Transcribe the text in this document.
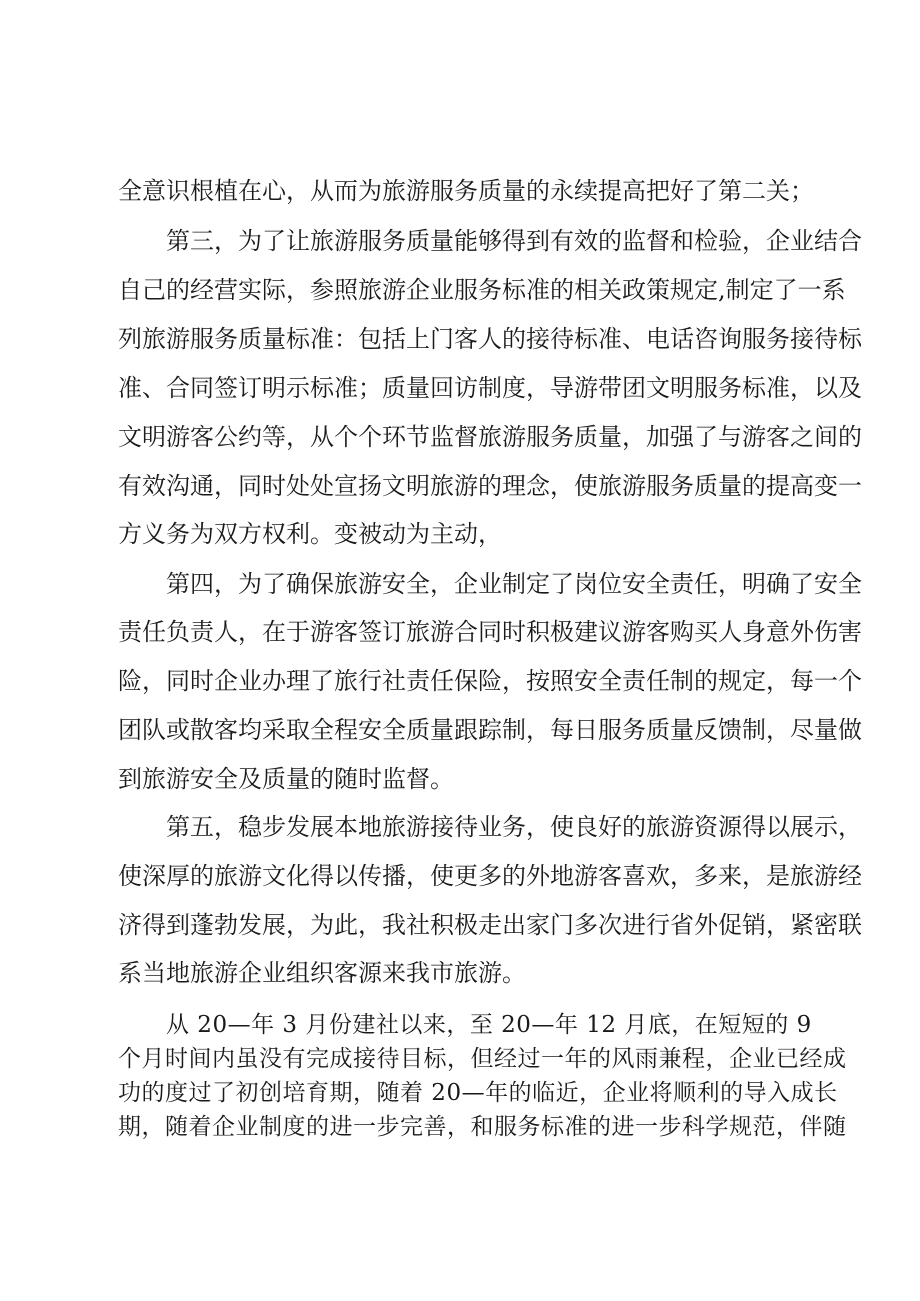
全意识根植在心，从而为旅游服务质量的永续提高把好了第二关；

第三，为了让旅游服务质量能够得到有效的监督和检验，企业结合

自己的经营实际，参照旅游企业服务标准的相关政策规定,制定了一系

列旅游服务质量标准：包括上门客人的接待标准、电话咨询服务接待标

准、合同签订明示标准；质量回访制度，导游带团文明服务标准，以及

文明游客公约等，从个个环节监督旅游服务质量，加强了与游客之间的

有效沟通，同时处处宣扬文明旅游的理念，使旅游服务质量的提高变一

方义务为双方权利。变被动为主动，

第四，为了确保旅游安全，企业制定了岗位安全责任，明确了安全

责任负责人，在于游客签订旅游合同时积极建议游客购买人身意外伤害

险，同时企业办理了旅行社责任保险，按照安全责任制的规定，每一个

团队或散客均采取全程安全质量跟踪制，每日服务质量反馈制，尽量做

到旅游安全及质量的随时监督。

第五，稳步发展本地旅游接待业务，使良好的旅游资源得以展示，

使深厚的旅游文化得以传播，使更多的外地游客喜欢，多来，是旅游经

济得到蓬勃发展，为此，我社积极走出家门多次进行省外促销，紧密联

系当地旅游企业组织客源来我市旅游。

从 20—年 3 月份建社以来，至 20—年 12 月底，在短短的 9

个月时间内虽没有完成接待目标，但经过一年的风雨兼程，企业已经成

功的度过了初创培育期，随着 20—年的临近，企业将顺利的导入成长

期，随着企业制度的进一步完善，和服务标准的进一步科学规范，伴随
